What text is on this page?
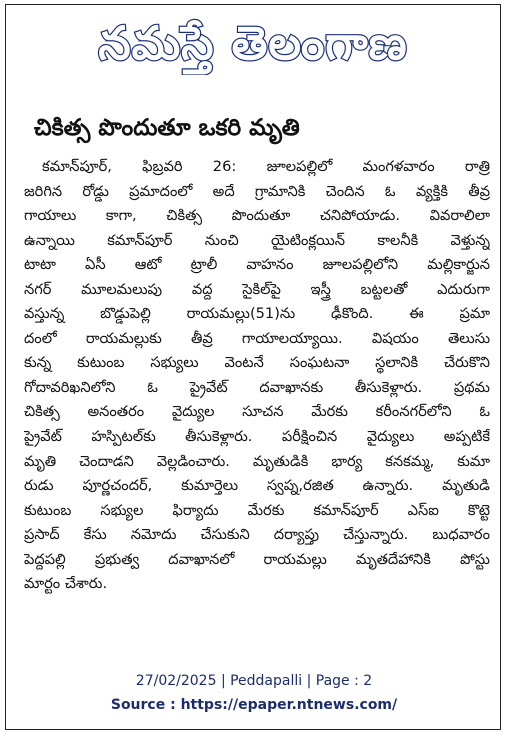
నమస్తే తెలంగాణ
చికిత్స పొందుతూ ఒకరి మృతి
కమాన్‌పూర్, ఫిబ్రవరి 26: జూలపల్లిలో మంగళవారం రాత్రి
జరిగిన రోడ్డు ప్రమాదంలో అదే గ్రామానికి చెందిన ఓ వ్యక్తికి తీవ్ర
గాయాలు కాగా, చికిత్స పొందుతూ చనిపోయాడు. వివరాలిలా
ఉన్నాయి కమాన్‌పూర్ నుంచి యైటింక్లయిన్ కాలనీకి వెళ్తున్న
టాటా ఏసీ ఆటో ట్రాలీ వాహనం జూలపల్లిలోని మల్లికార్జున
నగర్ మూలమలుపు వద్ద సైకిల్‌పై ఇస్త్రీ బట్టలతో ఎదురుగా
వస్తున్న బొడ్డుపెల్లి రాయమల్లు(51)ను ఢీకొంది. ఈ ప్రమా
దంలో రాయమల్లుకు తీవ్ర గాయాలయ్యాయి. విషయం తెలుసు
కున్న కుటుంబ సభ్యులు వెంటనే సంఘటనా స్థలానికి చేరుకొని
గోదావరిఖనిలోని ఓ ప్రైవేట్ దవాఖానకు తీసుకెళ్లారు. ప్రథమ
చికిత్స అనంతరం వైద్యుల సూచన మేరకు కరీంనగర్‌లోని ఓ
ప్రైవేట్ హస్పిటల్‌కు తీసుకెళ్లారు. పరీక్షించిన వైద్యులు అప్పటికే
మృతి చెందాడని వెల్లడించారు. మృతుడికి భార్య కనకమ్మ, కుమా
రుడు పూర్ణచందర్, కుమార్తెలు స్వప్న,రజిత ఉన్నారు. మృతుడి
కుటుంబ సభ్యుల ఫిర్యాదు మేరకు కమాన్‌పూర్ ఎస్ఐ కొట్టె
ప్రసాద్ కేసు నమోదు చేసుకుని దర్యాప్తు చేస్తున్నారు. బుధవారం
పెద్దపల్లి ప్రభుత్వ దవాఖానలో రాయమల్లు మృతదేహానికి పోస్టు
మార్టం చేశారు.
27/02/2025 | Peddapalli | Page : 2
Source : https://epaper.ntnews.com/
